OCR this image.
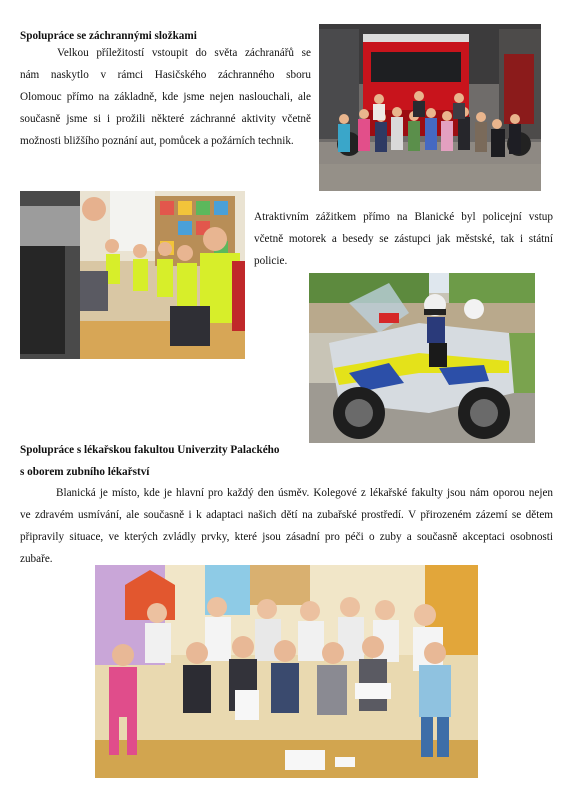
Spolupráce se záchrannými složkami
Velkou příležitostí vstoupit do světa záchranářů se
nám naskytlo v rámci Hasičského záchranného sboru
Olomouc přímo na základně, kde jsme nejen naslouchali, ale
současně jsme si i prožili některé záchranné aktivity včetně
možnosti bližšího poznání aut, pomůcek a požárních technik.
Atraktivním zážitkem přímo na Blanické byl policejní vstup
včetně motorek a besedy se zástupci jak městské, tak i státní
policie.
Spolupráce s lékařskou fakultou Univerzity Palackého
s oborem zubního lékařství
Blanická je místo, kde je hlavní pro každý den úsměv. Kolegové z lékařské fakulty jsou nám oporou nejen
ve zdravém usmívání, ale současně i k adaptaci našich dětí na zubařské prostředí. V přirozeném zázemí se dětem
připravily situace, ve kterých zvládly prvky, které jsou zásadní pro péči o zuby a současně akceptaci osobnosti
zubaře.
